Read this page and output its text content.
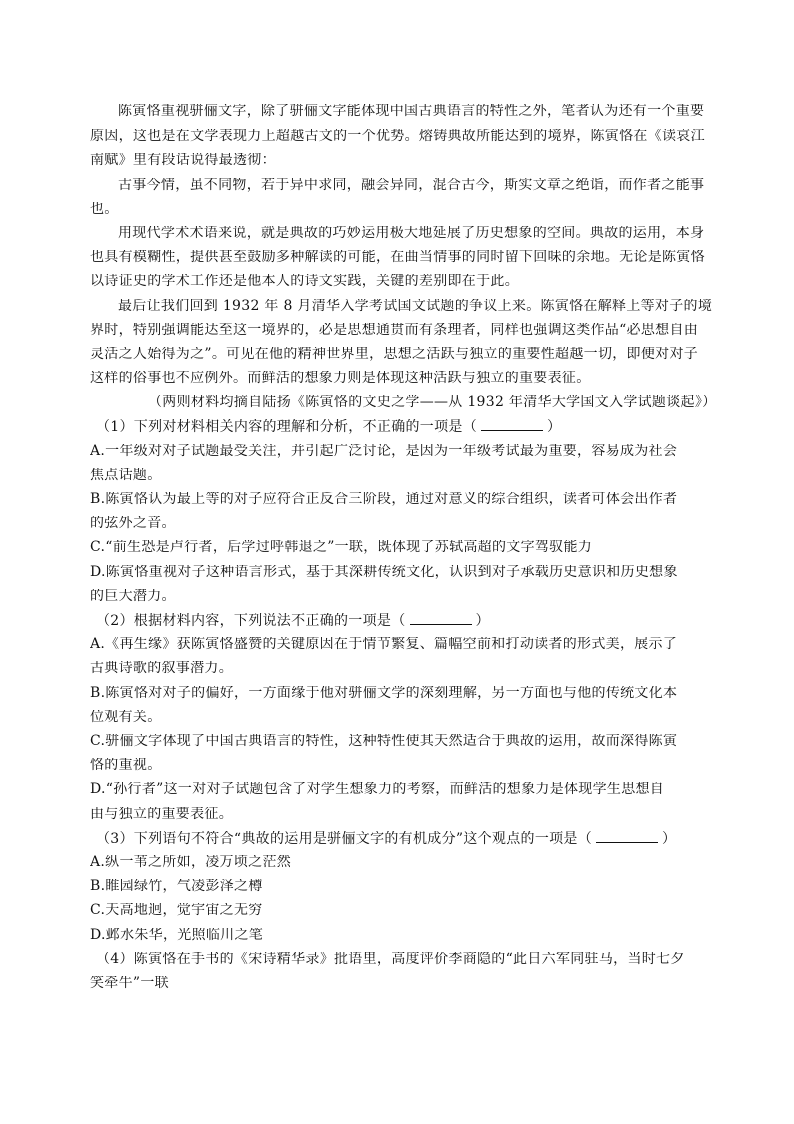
陈寅恪重视骈俪文字，除了骈俪文字能体现中国古典语言的特性之外，笔者认为还有一个重要
原因，这也是在文学表现力上超越古文的一个优势。熔铸典故所能达到的境界，陈寅恪在《读哀江
南赋》里有段话说得最透彻：
古事今情，虽不同物，若于异中求同，融会异同，混合古今，斯实文章之绝诣，而作者之能事
也。
用现代学术术语来说，就是典故的巧妙运用极大地延展了历史想象的空间。典故的运用，本身
也具有模糊性，提供甚至鼓励多种解读的可能，在曲当情事的同时留下回味的余地。无论是陈寅恪
以诗证史的学术工作还是他本人的诗文实践，关键的差别即在于此。
最后让我们回到 1932 年 8 月清华入学考试国文试题的争议上来。陈寅恪在解释上等对子的境
界时，特别强调能达至这一境界的，必是思想通贯而有条理者，同样也强调这类作品“必思想自由
灵活之人始得为之”。可见在他的精神世界里，思想之活跃与独立的重要性超越一切，即便对对子
这样的俗事也不应例外。而鲜活的想象力则是体现这种活跃与独立的重要表征。
（两则材料均摘自陆扬《陈寅恪的文史之学——从 1932 年清华大学国文入学试题谈起》）
（1）下列对材料相关内容的理解和分析，不正确的一项是（	）
A.一年级对对子试题最受关注，并引起广泛讨论，是因为一年级考试最为重要，容易成为社会
焦点话题。
B.陈寅恪认为最上等的对子应符合正反合三阶段，通过对意义的综合组织，读者可体会出作者
的弦外之音。
C.“前生恐是卢行者，后学过呼韩退之”一联，既体现了苏轼高超的文字驾驭能力
D.陈寅恪重视对子这种语言形式，基于其深耕传统文化，认识到对子承载历史意识和历史想象
的巨大潜力。
（2）根据材料内容，下列说法不正确的一项是（	）
A.《再生缘》获陈寅恪盛赞的关键原因在于情节繁复、篇幅空前和打动读者的形式美，展示了
古典诗歌的叙事潜力。
B.陈寅恪对对子的偏好，一方面缘于他对骈俪文学的深刻理解，另一方面也与他的传统文化本
位观有关。
C.骈俪文字体现了中国古典语言的特性，这种特性使其天然适合于典故的运用，故而深得陈寅
恪的重视。
D.“孙行者”这一对对子试题包含了对学生想象力的考察，而鲜活的想象力是体现学生思想自
由与独立的重要表征。
（3）下列语句不符合“典故的运用是骈俪文字的有机成分”这个观点的一项是（	）
A.纵一苇之所如，凌万顷之茫然
B.睢园绿竹，气凌彭泽之樽
C.天高地迥，觉宇宙之无穷
D.邺水朱华，光照临川之笔
（4）陈寅恪在手书的《宋诗精华录》批语里，高度评价李商隐的“此日六军同驻马，当时七夕
笑牵牛”一联
